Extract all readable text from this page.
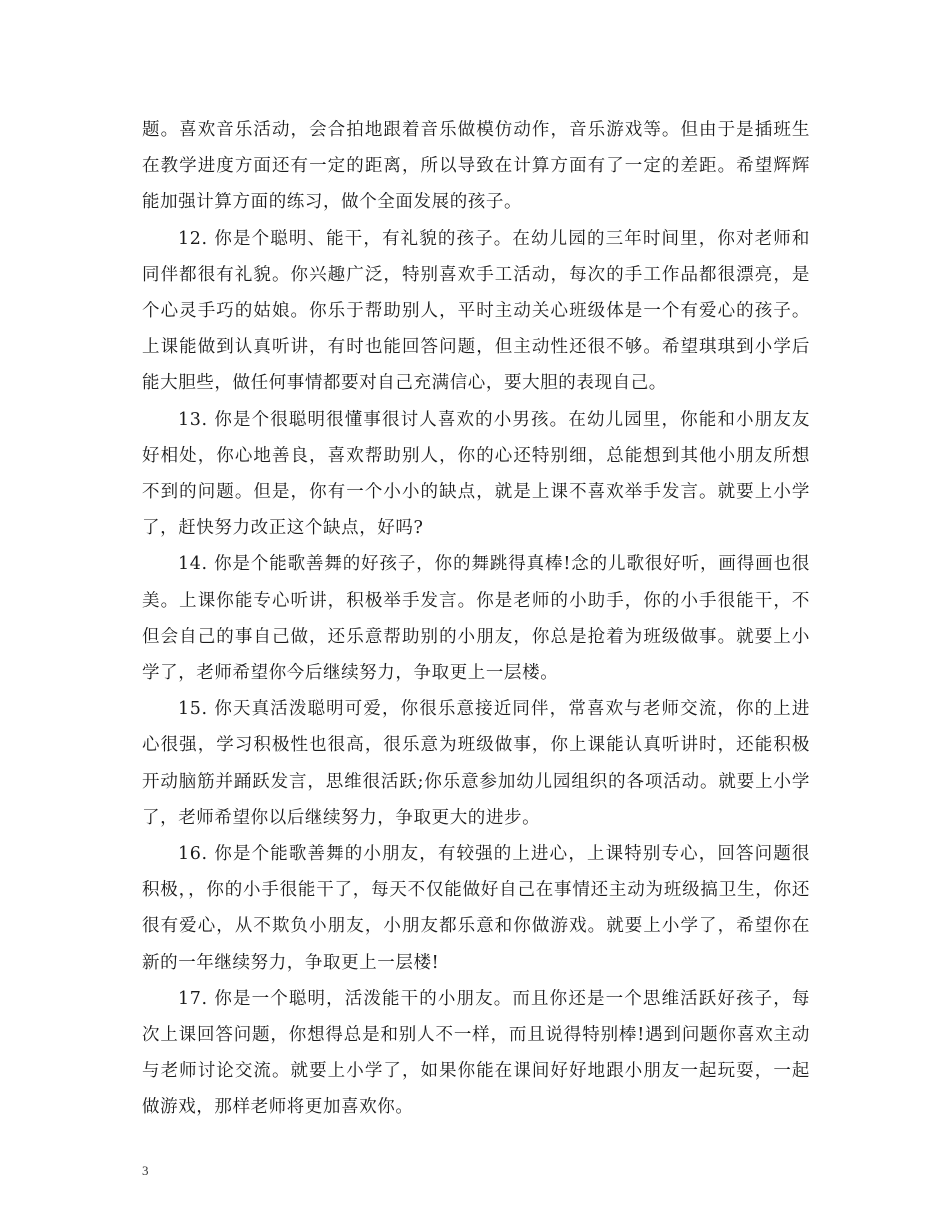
题。喜欢音乐活动，会合拍地跟着音乐做模仿动作，音乐游戏等。但由于是插班生在教学进度方面还有一定的距离，所以导致在计算方面有了一定的差距。希望辉辉能加强计算方面的练习，做个全面发展的孩子。

12. 你是个聪明、能干，有礼貌的孩子。在幼儿园的三年时间里，你对老师和同伴都很有礼貌。你兴趣广泛，特别喜欢手工活动，每次的手工作品都很漂亮，是个心灵手巧的姑娘。你乐于帮助别人，平时主动关心班级体是一个有爱心的孩子。上课能做到认真听讲，有时也能回答问题，但主动性还很不够。希望琪琪到小学后能大胆些，做任何事情都要对自己充满信心，要大胆的表现自己。

13. 你是个很聪明很懂事很讨人喜欢的小男孩。在幼儿园里，你能和小朋友友好相处，你心地善良，喜欢帮助别人，你的心还特别细，总能想到其他小朋友所想不到的问题。但是，你有一个小小的缺点，就是上课不喜欢举手发言。就要上小学了，赶快努力改正这个缺点，好吗?

14. 你是个能歌善舞的好孩子，你的舞跳得真棒!念的儿歌很好听，画得画也很美。上课你能专心听讲，积极举手发言。你是老师的小助手，你的小手很能干，不但会自己的事自己做，还乐意帮助别的小朋友，你总是抢着为班级做事。就要上小学了，老师希望你今后继续努力，争取更上一层楼。

15. 你天真活泼聪明可爱，你很乐意接近同伴，常喜欢与老师交流，你的上进心很强，学习积极性也很高，很乐意为班级做事，你上课能认真听讲时，还能积极开动脑筋并踊跃发言，思维很活跃;你乐意参加幼儿园组织的各项活动。就要上小学了，老师希望你以后继续努力，争取更大的进步。

16. 你是个能歌善舞的小朋友，有较强的上进心，上课特别专心，回答问题很积极，，你的小手很能干了，每天不仅能做好自己在事情还主动为班级搞卫生，你还很有爱心，从不欺负小朋友，小朋友都乐意和你做游戏。就要上小学了，希望你在新的一年继续努力，争取更上一层楼!

17. 你是一个聪明，活泼能干的小朋友。而且你还是一个思维活跃好孩子，每次上课回答问题，你想得总是和别人不一样，而且说得特别棒!遇到问题你喜欢主动与老师讨论交流。就要上小学了，如果你能在课间好好地跟小朋友一起玩耍，一起做游戏，那样老师将更加喜欢你。

3
